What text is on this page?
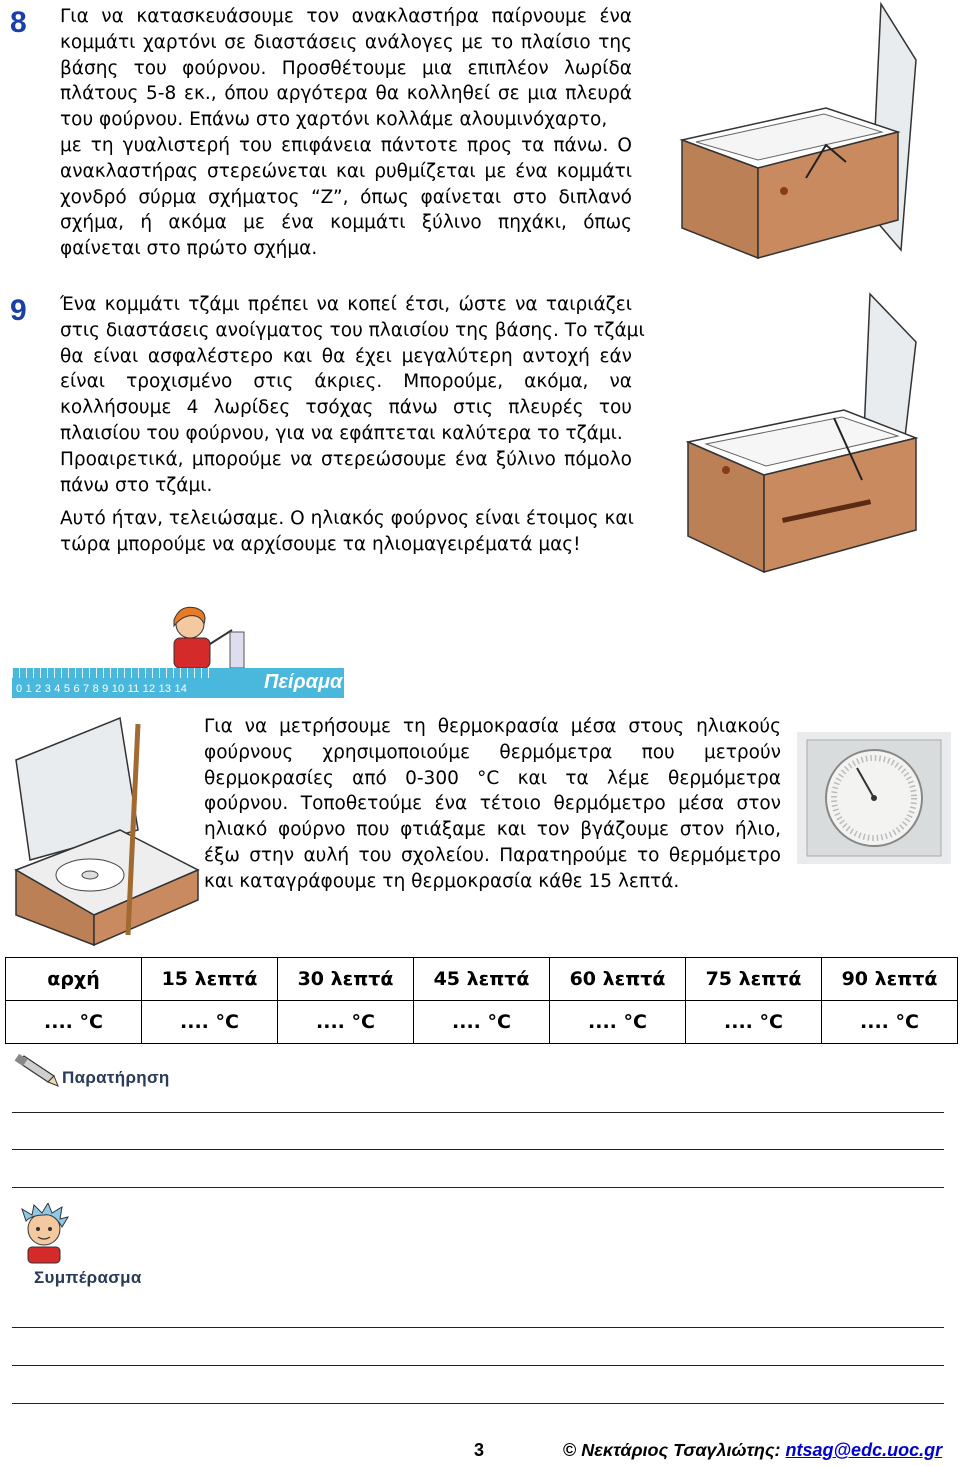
8 Για να κατασκευάσουμε τον ανακλαστήρα παίρνουμε ένα
κομμάτι χαρτόνι σε διαστάσεις ανάλογες με το πλαίσιο της
βάσης του φούρνου. Προσθέτουμε μια επιπλέον λωρίδα
πλάτους 5-8 εκ., όπου αργότερα θα κολληθεί σε μια πλευρά
του φούρνου. Επάνω στο χαρτόνι κολλάμε αλουμινόχαρτο,
με τη γυαλιστερή του επιφάνεια πάντοτε προς τα πάνω. Ο
ανακλαστήρας στερεώνεται και ρυθμίζεται με ένα κομμάτι
χονδρό σύρμα σχήματος “Z”, όπως φαίνεται στο διπλανό
σχήμα, ή ακόμα με ένα κομμάτι ξύλινο πηχάκι, όπως
φαίνεται στο πρώτο σχήμα.
9 Ένα κομμάτι τζάμι πρέπει να κοπεί έτσι, ώστε να ταιριάζει
στις διαστάσεις ανοίγματος του πλαισίου της βάσης. Το τζάμι
θα είναι ασφαλέστερο και θα έχει μεγαλύτερη αντοχή εάν
είναι τροχισμένο στις άκριες. Μπορούμε, ακόμα, να
κολλήσουμε 4 λωρίδες τσόχας πάνω στις πλευρές του
πλαισίου του φούρνου, για να εφάπτεται καλύτερα το τζάμι.
Προαιρετικά, μπορούμε να στερεώσουμε ένα ξύλινο πόμολο
πάνω στο τζάμι.
Αυτό ήταν, τελειώσαμε. Ο ηλιακός φούρνος είναι έτοιμος και
τώρα μπορούμε να αρχίσουμε τα ηλιομαγειρέματά μας!
0 1 2 3 4 5 6 7 8 9 10 11 12 13 14	Πείραμα
Για να μετρήσουμε τη θερμοκρασία μέσα στους ηλιακούς
φούρνους χρησιμοποιούμε θερμόμετρα που μετρούν
θερμοκρασίες από 0-300 °C και τα λέμε θερμόμετρα
φούρνου. Τοποθετούμε ένα τέτοιο θερμόμετρο μέσα στον
ηλιακό φούρνο που φτιάξαμε και τον βγάζουμε στον ήλιο,
έξω στην αυλή του σχολείου. Παρατηρούμε το θερμόμετρο
και καταγράφουμε τη θερμοκρασία κάθε 15 λεπτά.
αρχή	15 λεπτά	30 λεπτά	45 λεπτά	60 λεπτά	75 λεπτά	90 λεπτά
.... °C	.... °C	.... °C	.... °C	.... °C	.... °C	.... °C
Παρατήρηση
Συμπέρασμα
3	© Νεκτάριος Τσαγλιώτης: ntsag@edc.uoc.gr
